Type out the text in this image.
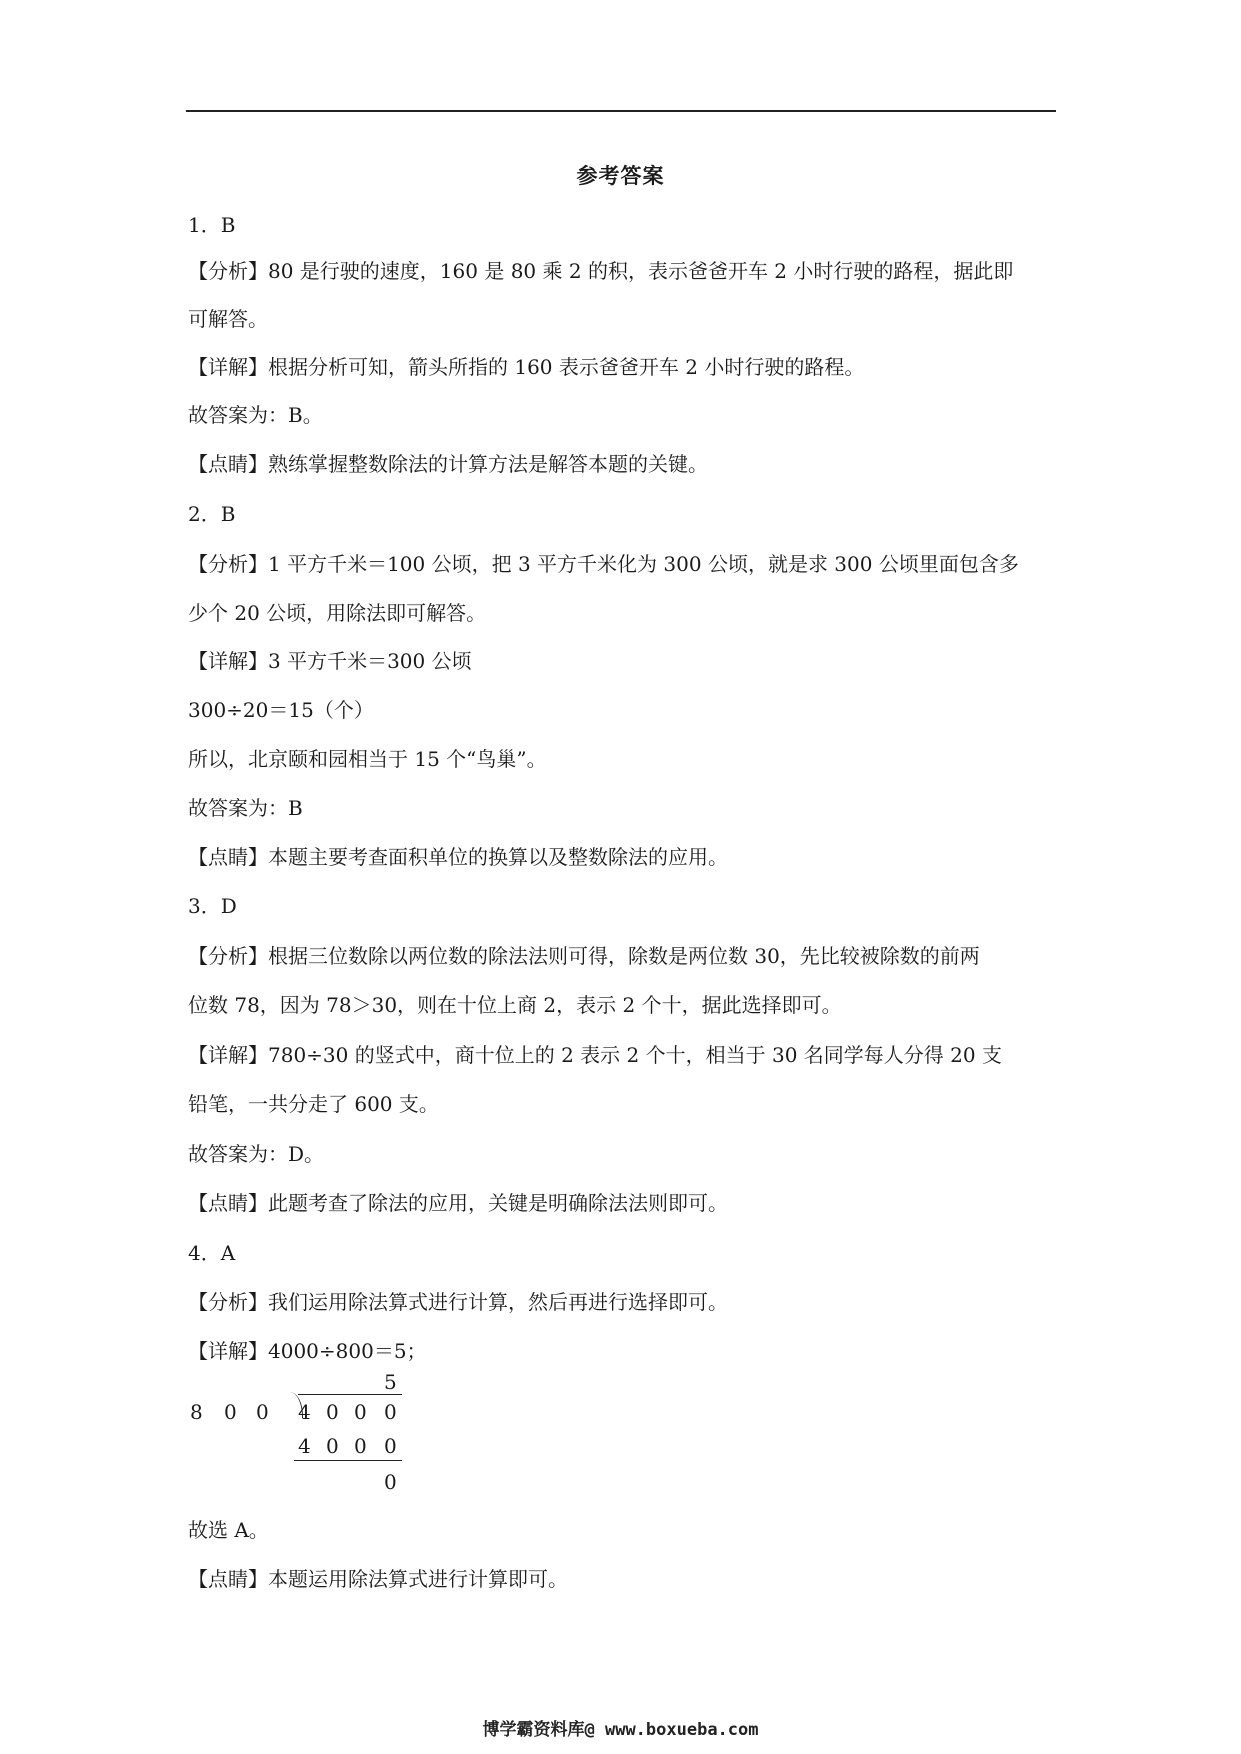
参考答案
1．B
【分析】80 是行驶的速度，160 是 80 乘 2 的积，表示爸爸开车 2 小时行驶的路程，据此即
可解答。
【详解】根据分析可知，箭头所指的 160 表示爸爸开车 2 小时行驶的路程。
故答案为：B。
【点睛】熟练掌握整数除法的计算方法是解答本题的关键。
2．B
【分析】1 平方千米＝100 公顷，把 3 平方千米化为 300 公顷，就是求 300 公顷里面包含多
少个 20 公顷，用除法即可解答。
【详解】3 平方千米＝300 公顷
300÷20＝15（个）
所以，北京颐和园相当于 15 个“鸟巢”。
故答案为：B
【点睛】本题主要考查面积单位的换算以及整数除法的应用。
3．D
【分析】根据三位数除以两位数的除法法则可得，除数是两位数 30，先比较被除数的前两
位数 78，因为 78＞30，则在十位上商 2，表示 2 个十，据此选择即可。
【详解】780÷30 的竖式中，商十位上的 2 表示 2 个十，相当于 30 名同学每人分得 20 支
铅笔，一共分走了 600 支。
故答案为：D。
【点睛】此题考查了除法的应用，关键是明确除法法则即可。
4．A
【分析】我们运用除法算式进行计算，然后再进行选择即可。
【详解】4000÷800＝5；
5
8 0 0 4 0 0 0
4 0 0 0
0
故选 A。
【点睛】本题运用除法算式进行计算即可。
博学霸资料库@ www.boxueba.com
